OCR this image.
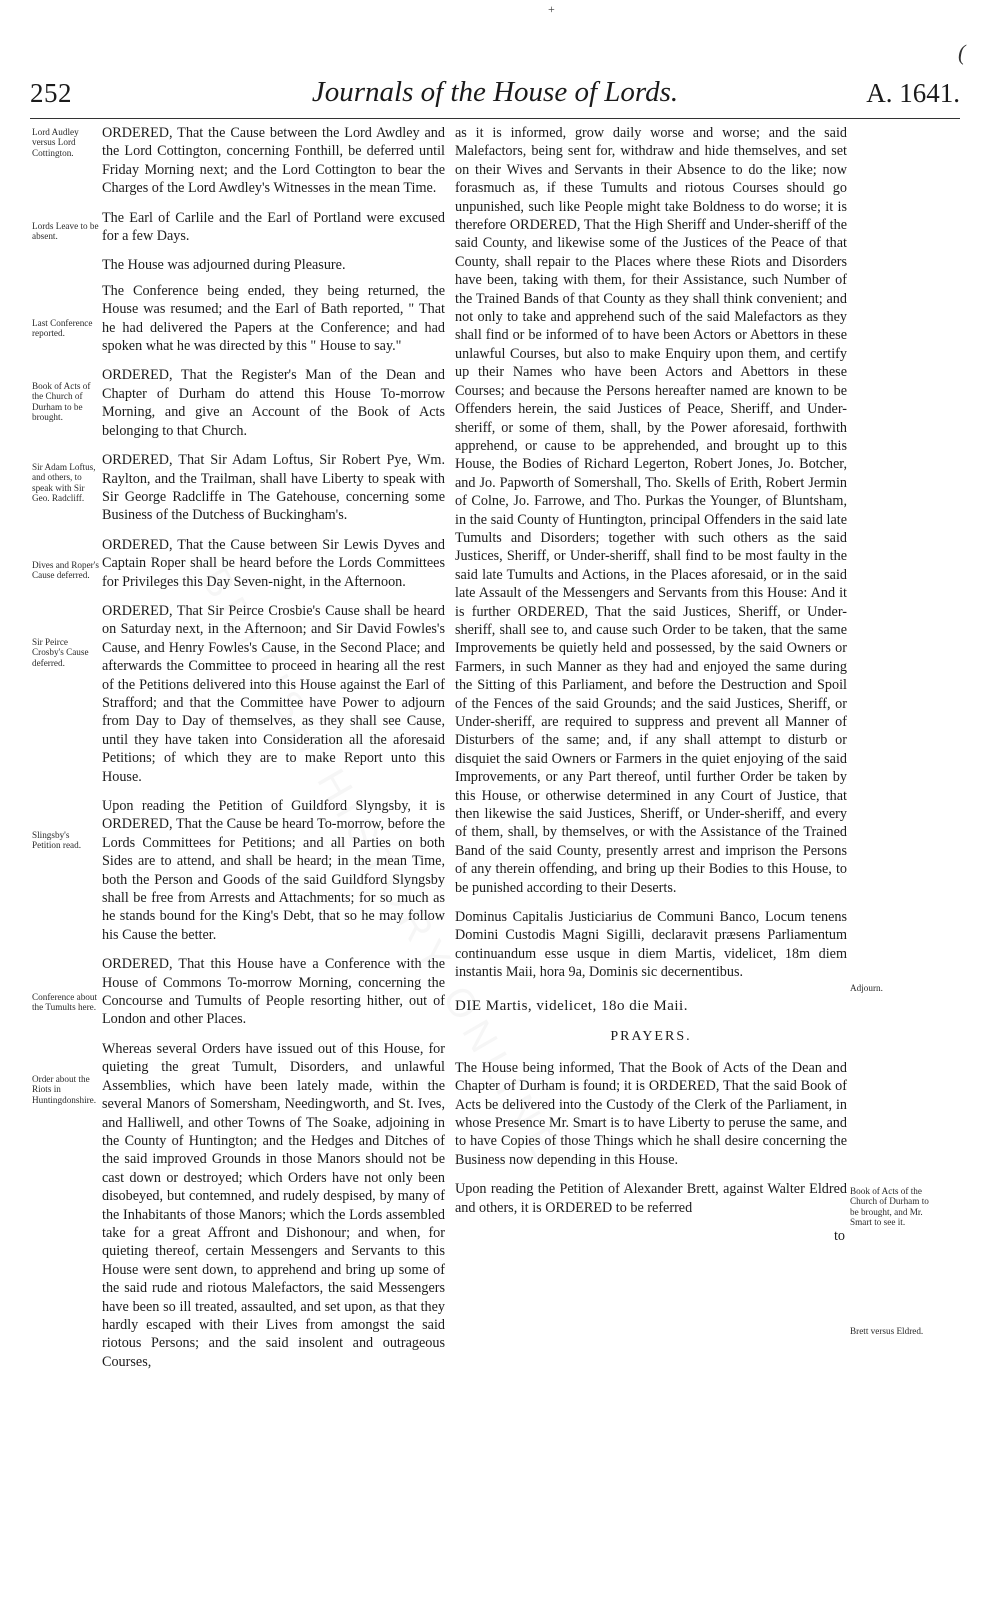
+
(
252	Journals of the House of Lords.	A. 1641.
Lord Audley versus Lord Cottington.
Lords Leave to be absent.
Last Conference reported.
Book of Acts of the Church of Durham to be brought.
Sir Adam Loftus, and others, to speak with Sir Geo. Radcliff.
Dives and Roper's Cause deferred.
Sir Peirce Crosby's Cause deferred.
Slingsby's Petition read.
Conference about the Tumults here.
Order about the Riots in Huntingdonshire.

ORDERED, That the Cause between the Lord Awdley and the Lord Cottington, concerning Fonthill, be deferred until Friday Morning next; and the Lord Cottington to bear the Charges of the Lord Awdley's Witnesses in the mean Time.

The Earl of Carlile and the Earl of Portland were excused for a few Days.

The House was adjourned during Pleasure.

The Conference being ended, they being returned, the House was resumed; and the Earl of Bath reported, " That he had delivered the Papers at the Conference; and had spoken what he was directed by this " House to say."

ORDERED, That the Register's Man of the Dean and Chapter of Durham do attend this House To-morrow Morning, and give an Account of the Book of Acts belonging to that Church.

ORDERED, That Sir Adam Loftus, Sir Robert Pye, Wm. Raylton, and the Trailman, shall have Liberty to speak with Sir George Radcliffe in The Gatehouse, concerning some Business of the Dutchess of Buckingham's.

ORDERED, That the Cause between Sir Lewis Dyves and Captain Roper shall be heard before the Lords Committees for Privileges this Day Seven-night, in the Afternoon.

ORDERED, That Sir Peirce Crosbie's Cause shall be heard on Saturday next, in the Afternoon; and Sir David Fowles's Cause, and Henry Fowles's Cause, in the Second Place; and afterwards the Committee to proceed in hearing all the rest of the Petitions delivered into this House against the Earl of Strafford; and that the Committee have Power to adjourn from Day to Day of themselves, as they shall see Cause, until they have taken into Consideration all the aforesaid Petitions; of which they are to make Report unto this House.

Upon reading the Petition of Guildford Slyngsby, it is ORDERED, That the Cause be heard To-morrow, before the Lords Committees for Petitions; and all Parties on both Sides are to attend, and shall be heard; in the mean Time, both the Person and Goods of the said Guildford Slyngsby shall be free from Arrests and Attachments; for so much as he stands bound for the King's Debt, that so he may follow his Cause the better.

ORDERED, That this House have a Conference with the House of Commons To-morrow Morning, concerning the Concourse and Tumults of People resorting hither, out of London and other Places.

Whereas several Orders have issued out of this House, for quieting the great Tumult, Disorders, and unlawful Assemblies, which have been lately made, within the several Manors of Somersham, Needingworth, and St. Ives, and Halliwell, and other Towns of The Soake, adjoining in the County of Huntington; and the Hedges and Ditches of the said improved Grounds in those Manors should not be cast down or destroyed; which Orders have not only been disobeyed, but contemned, and rudely despised, by many of the Inhabitants of those Manors; which the Lords assembled take for a great Affront and Dishonour; and when, for quieting thereof, certain Messengers and Servants to this House were sent down, to apprehend and bring up some of the said rude and riotous Malefactors, the said Messengers have been so ill treated, assaulted, and set upon, as that they hardly escaped with their Lives from amongst the said riotous Persons; and the said insolent and outrageous Courses,

as it is informed, grow daily worse and worse; and the said Malefactors, being sent for, withdraw and hide themselves, and set on their Wives and Servants in their Absence to do the like; now forasmuch as, if these Tumults and riotous Courses should go unpunished, such like People might take Boldness to do worse; it is therefore ORDERED, That the High Sheriff and Under-sheriff of the said County, and likewise some of the Justices of the Peace of that County, shall repair to the Places where these Riots and Disorders have been, taking with them, for their Assistance, such Number of the Trained Bands of that County as they shall think convenient; and not only to take and apprehend such of the said Malefactors as they shall find or be informed of to have been Actors or Abettors in these unlawful Courses, but also to make Enquiry upon them, and certify up their Names who have been Actors and Abettors in these Courses; and because the Persons hereafter named are known to be Offenders herein, the said Justices of Peace, Sheriff, and Under-sheriff, or some of them, shall, by the Power aforesaid, forthwith apprehend, or cause to be apprehended, and brought up to this House, the Bodies of Richard Legerton, Robert Jones, Jo. Botcher, and Jo. Papworth of Somershall, Tho. Skells of Erith, Robert Jermin of Colne, Jo. Farrowe, and Tho. Purkas the Younger, of Bluntsham, in the said County of Huntington, principal Offenders in the said late Tumults and Disorders; together with such others as the said Justices, Sheriff, or Under-sheriff, shall find to be most faulty in the said late Tumults and Actions, in the Places aforesaid, or in the said late Assault of the Messengers and Servants from this House: And it is further ORDERED, That the said Justices, Sheriff, or Under-sheriff, shall see to, and cause such Order to be taken, that the same Improvements be quietly held and possessed, by the said Owners or Farmers, in such Manner as they had and enjoyed the same during the Sitting of this Parliament, and before the Destruction and Spoil of the Fences of the said Grounds; and the said Justices, Sheriff, or Under-sheriff, are required to suppress and prevent all Manner of Disturbers of the same; and, if any shall attempt to disturb or disquiet the said Owners or Farmers in the quiet enjoying of the said Improvements, or any Part thereof, until further Order be taken by this House, or otherwise determined in any Court of Justice, that then likewise the said Justices, Sheriff, or Under-sheriff, and every of them, shall, by themselves, or with the Assistance of the Trained Band of the said County, presently arrest and imprison the Persons of any therein offending, and bring up their Bodies to this House, to be punished according to their Deserts.

Dominus Capitalis Justiciarius de Communi Banco, Locum tenens Domini Custodis Magni Sigilli, declaravit præsens Parliamentum continuandum esse usque in diem Martis, videlicet, 18m diem instantis Maii, hora 9a, Dominis sic decernentibus.

DIE Martis, videlicet, 18o die Maii.
PRAYERS.

The House being informed, That the Book of Acts of the Dean and Chapter of Durham is found; it is ORDERED, That the said Book of Acts be delivered into the Custody of the Clerk of the Parliament, in whose Presence Mr. Smart is to have Liberty to peruse the same, and to have Copies of those Things which he shall desire concerning the Business now depending in this House.

Upon reading the Petition of Alexander Brett, against Walter Eldred and others, it is ORDERED to be referred

to
Adjourn.
Book of Acts of the Church of Durham to be brought, and Mr. Smart to see it.
Brett versus Eldred.
